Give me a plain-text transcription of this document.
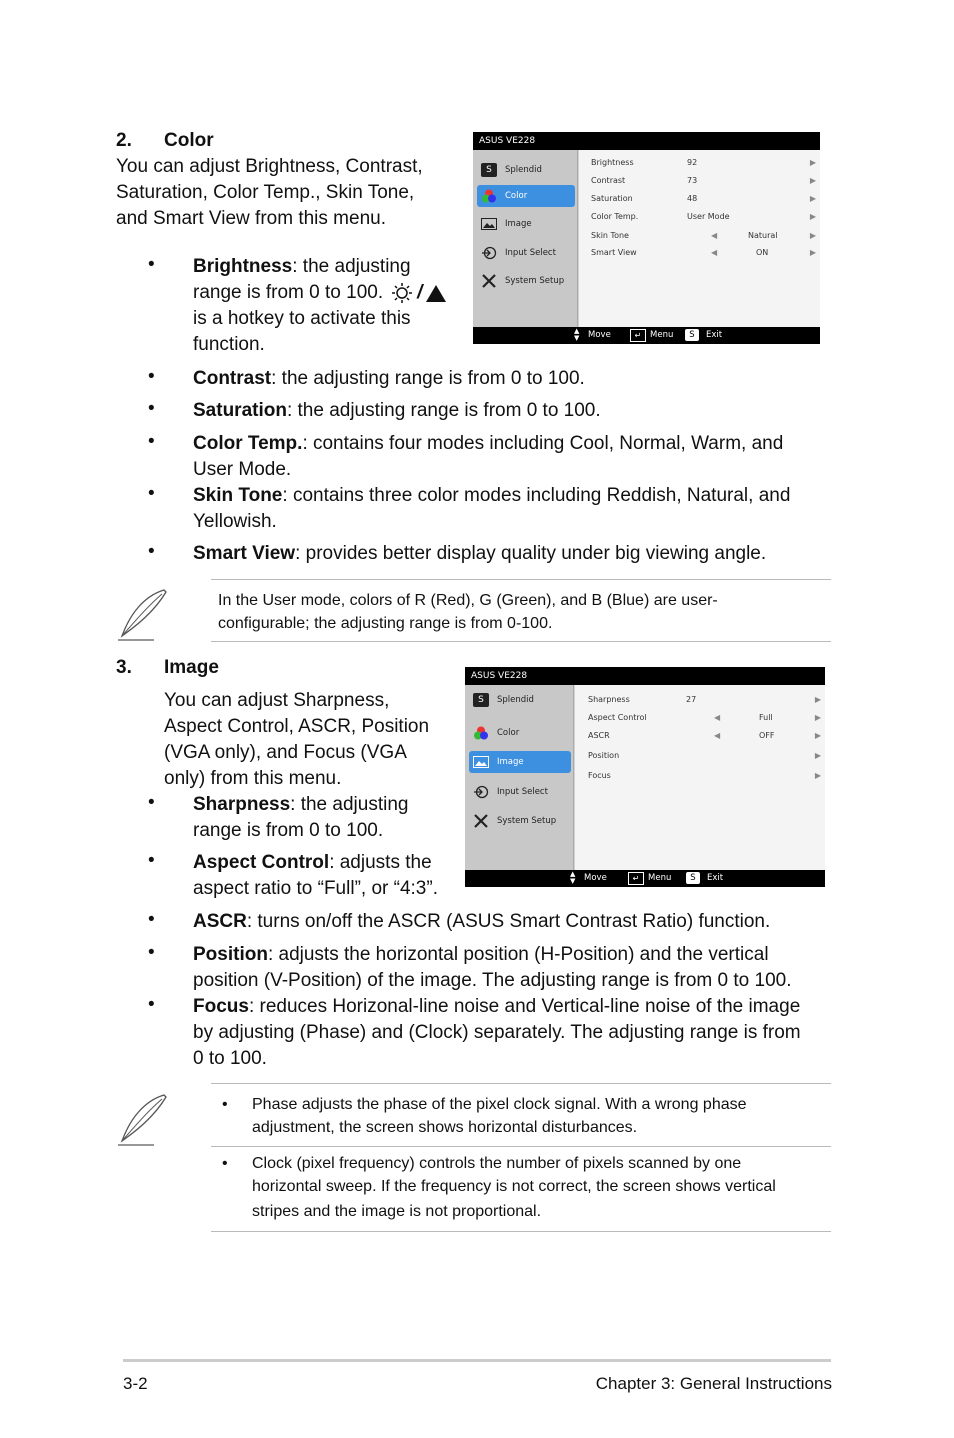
2. Color
You can adjust Brightness, Contrast,
Saturation, Color Temp., Skin Tone,
and Smart View from this menu.
• Brightness: the adjusting
range is from 0 to 100. /
is a hotkey to activate this
function.
ASUS VE228
S	Splendid
Color
Image
Input Select
System Setup
Brightness	92	▶
Contrast	73	▶
Saturation	48	▶
Color Temp.	User Mode	▶
Skin Tone	◀	Natural	▶
Smart View	◀	ON	▶
▲
▼ Move	↵	Menu	S	Exit
• Contrast: the adjusting range is from 0 to 100.
• Saturation: the adjusting range is from 0 to 100.
• Color Temp.: contains four modes including Cool, Normal, Warm, and
User Mode.
• Skin Tone: contains three color modes including Reddish, Natural, and
Yellowish.
• Smart View: provides better display quality under big viewing angle.
In the User mode, colors of R (Red), G (Green), and B (Blue) are user-
configurable; the adjusting range is from 0-100.
3. Image
You can adjust Sharpness,
Aspect Control, ASCR, Position
(VGA only), and Focus (VGA
only) from this menu.
• Sharpness: the adjusting
range is from 0 to 100.
• Aspect Control: adjusts the
aspect ratio to “Full”, or “4:3”.
ASUS VE228
S	Splendid
Color
Image
Input Select
System Setup
Sharpness	27	▶
Aspect Control	◀	Full	▶
ASCR	◀	OFF	▶
Position	▶
Focus	▶
▲
▼ Move	↵	Menu	S	Exit
• ASCR: turns on/off the ASCR (ASUS Smart Contrast Ratio) function.
• Position: adjusts the horizontal position (H-Position) and the vertical
position (V-Position) of the image. The adjusting range is from 0 to 100.
• Focus: reduces Horizonal-line noise and Vertical-line noise of the image
by adjusting (Phase) and (Clock) separately. The adjusting range is from
0 to 100.
• Phase adjusts the phase of the pixel clock signal. With a wrong phase
adjustment, the screen shows horizontal disturbances.
• Clock (pixel frequency) controls the number of pixels scanned by one
horizontal sweep. If the frequency is not correct, the screen shows vertical
stripes and the image is not proportional.
3-2	Chapter 3: General Instructions
